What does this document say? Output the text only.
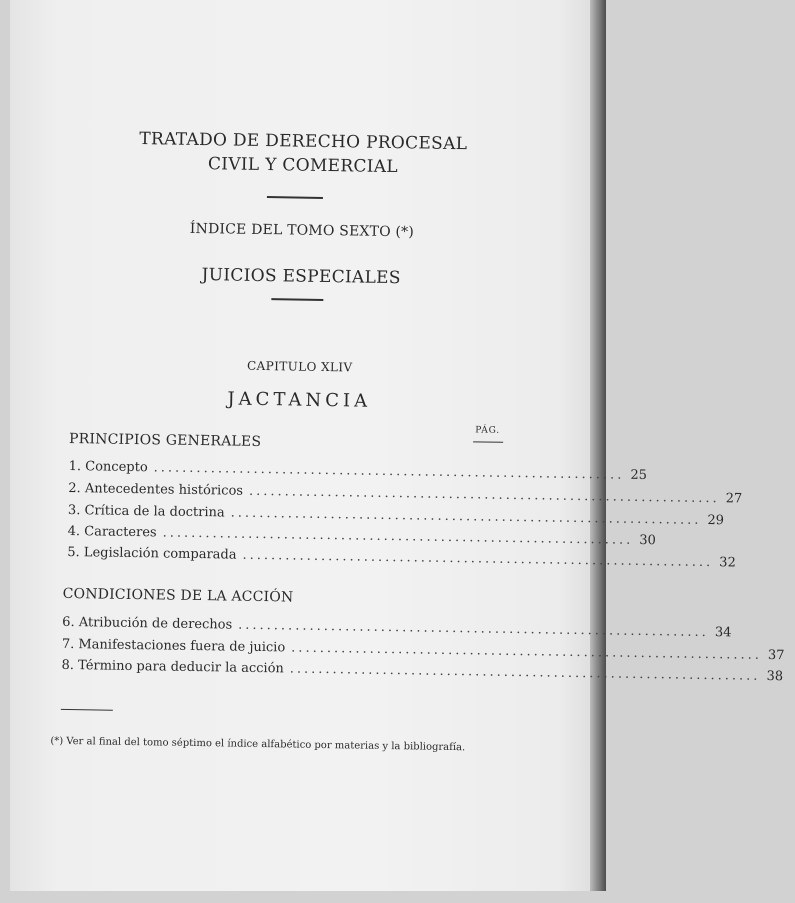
TRATADO DE DERECHO PROCESAL
CIVIL Y COMERCIAL
ÍNDICE DEL TOMO SEXTO (*)
JUICIOS ESPECIALES
CAPITULO XLIV
JACTANCIA
PÁG.
PRINCIPIOS GENERALES
1. Concepto .................................................................. 25
2. Antecedentes históricos .................................................................. 27
3. Crítica de la doctrina .................................................................. 29
4. Caracteres .................................................................. 30
5. Legislación comparada .................................................................. 32
CONDICIONES DE LA ACCIÓN
6. Atribución de derechos .................................................................. 34
7. Manifestaciones fuera de juicio .................................................................. 37
8. Término para deducir la acción .................................................................. 38
(*) Ver al final del tomo séptimo el índice alfabético por materias y la bibliografía.
